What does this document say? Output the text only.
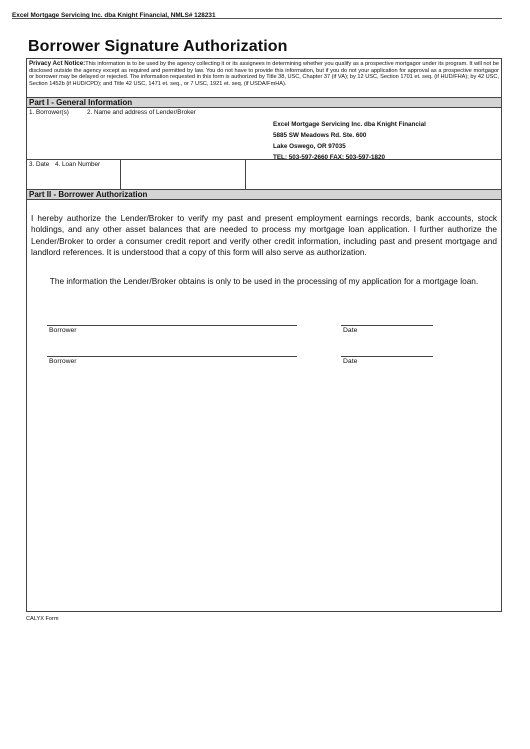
Excel Mortgage Servicing Inc. dba Knight Financial, NMLS# 128231
Borrower Signature Authorization
Privacy Act Notice:This information is to be used by the agency collecting it or its assignees in determining whether you qualify as a prospective mortgagor under its program. It will not be disclosed outside the agency except as required and permitted by law. You do not have to provide this information, but if you do not your application for approval as a prospective mortgagor or borrower may be delayed or rejected. The information requested in this form is authorized by Title 38, USC, Chapter 37 (if VA); by 12 USC, Section 1701 et. seq. (if HUD/FHA); by 42 USC, Section 1452b (if HUD/CPD); and Title 42 USC, 1471 et. seq., or 7 USC, 1921 et. seq. (if USDA/FmHA).
Part I - General Information
1. Borrower(s)	2. Name and address of Lender/Broker
Excel Mortgage Servicing Inc. dba Knight Financial
5885 SW Meadows Rd. Ste. 600
Lake Oswego, OR 97035
TEL: 503-597-2660 FAX: 503-597-1820
3. Date 4. Loan Number
Part II - Borrower Authorization
I hereby authorize the Lender/Broker to verify my past and present employment earnings records, bank accounts, stock holdings, and any other asset balances that are needed to process my mortgage loan application. I further authorize the Lender/Broker to order a consumer credit report and verify other credit information, including past and present mortgage and landlord references. It is understood that a copy of this form will also serve as authorization.
The information the Lender/Broker obtains is only to be used in the processing of my application for a mortgage loan.
Borrower	Date
Borrower	Date
CALYX Form
